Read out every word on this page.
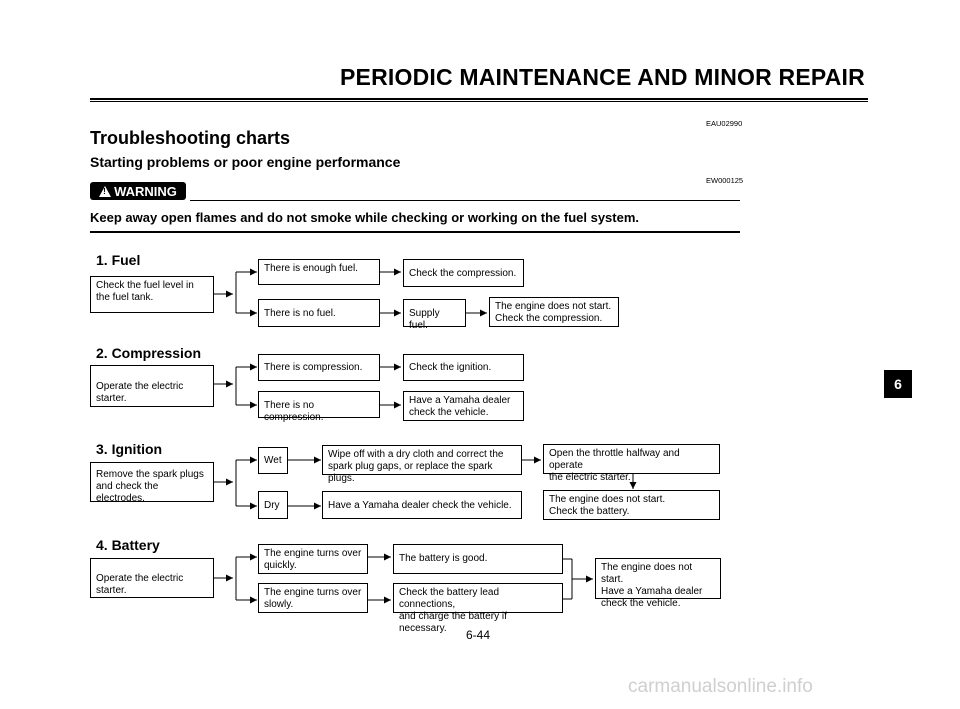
PERIODIC MAINTENANCE AND MINOR REPAIR
EAU02990
Troubleshooting charts
Starting problems or poor engine performance
EW000125
!
WARNING
Keep away open flames and do not smoke while checking or working on the fuel system.
1. Fuel
Check the fuel level in
the fuel tank.
There is enough fuel.	Check the compression.
There is no fuel.	Supply fuel.
The engine does not start.
Check the compression.
2. Compression
Operate the electric starter.
There is compression.	Check the ignition.
There is no compression.
Have a Yamaha dealer
check the vehicle.
3. Ignition
Remove the spark plugs
and check the electrodes.
Wet
Wipe off with a dry cloth and correct the
spark plug gaps, or replace the spark plugs.
Open the throttle halfway and operate
the electric starter.
Dry	Have a Yamaha dealer check the vehicle.
The engine does not start.
Check the battery.
4. Battery
Operate the electric starter.
The engine turns over
quickly.
The battery is good.
The engine turns over
slowly.
Check the battery lead connections,
and charge the battery if necessary.
The engine does not start.
Have a Yamaha dealer
check the vehicle.
6
6-44
carmanualsonline.info
